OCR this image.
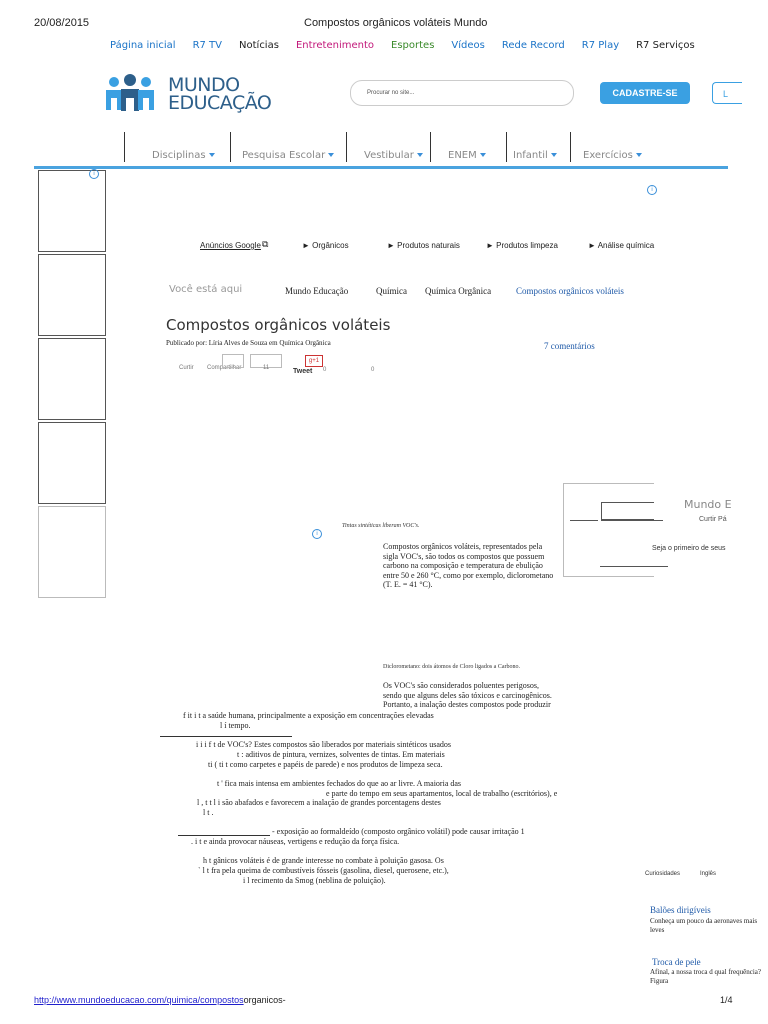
20/08/2015	Compostos orgânicos voláteis Mundo
Página inicial R7 TV Notícias Entretenimento Esportes Vídeos Rede Record R7 Play R7 Serviços
MUNDO
EDUCAÇÃO	Procurar no site...	CADASTRE-SE	L
Disciplinas	Pesquisa Escolar	Vestibular	ENEM	Infantil	Exercícios
i
i
i
Anúncios Google ⧉	► Orgânicos	► Produtos naturais	► Produtos limpeza	► Análise química
Você está aqui	Mundo Educação	Química Química Orgânica	Compostos orgânicos voláteis
Compostos orgânicos voláteis
Publicado por: Líria Alves de Souza em Química Orgânica	7 comentários
Curtir Compartilhar	11
g+1
Tweet 0	0
Mundo E
Curtir Pá
Seja o primeiro de seus
Tintas sintéticas liberam VOC's.
Compostos orgânicos voláteis, representados pela
sigla VOC's, são todos os compostos que possuem
carbono na composição e temperatura de ebulição
entre 50 e 260 °C, como por exemplo, diclorometano
(T. E. = 41 °C).
Diclorometano: dois átomos de Cloro ligados a Carbono.
Os VOC's são considerados poluentes perigosos,
sendo que alguns deles são tóxicos e carcinogênicos.
Portanto, a inalação destes compostos pode produzir
f it i t a saúde humana, principalmente a exposição em concentrações elevadas
l í tempo.
i i i f t de VOC's? Estes compostos são liberados por materiais sintéticos usados
t : aditivos de pintura, vernizes, solventes de tintas. Em materiais
ti ( ti t como carpetes e papéis de parede) e nos produtos de limpeza seca.
t ' fica mais intensa em ambientes fechados do que ao ar livre. A maioria das
e parte do tempo em seus apartamentos, local de trabalho (escritórios), e
l , t t l i são abafados e favorecem a inalação de grandes porcentagens destes
l t .
- exposição ao formaldeído (composto orgânico volátil) pode causar irritação 1
. i t e ainda provocar náuseas, vertigens e redução da força física.
h t gânicos voláteis é de grande interesse no combate à poluição gasosa. Os
` l t fra pela queima de combustíveis fósseis (gasolina, diesel, querosene, etc.),
i l recimento da Smog (neblina de poluição).
Curiosidades	Inglês
Balões dirigíveis
Conheça um pouco da aeronaves mais leves
Troca de pele
Afinal, a nossa troca d qual frequência? Figura
http://www.mundoeducacao.com/quimica/compostosorganicos-	1/4
